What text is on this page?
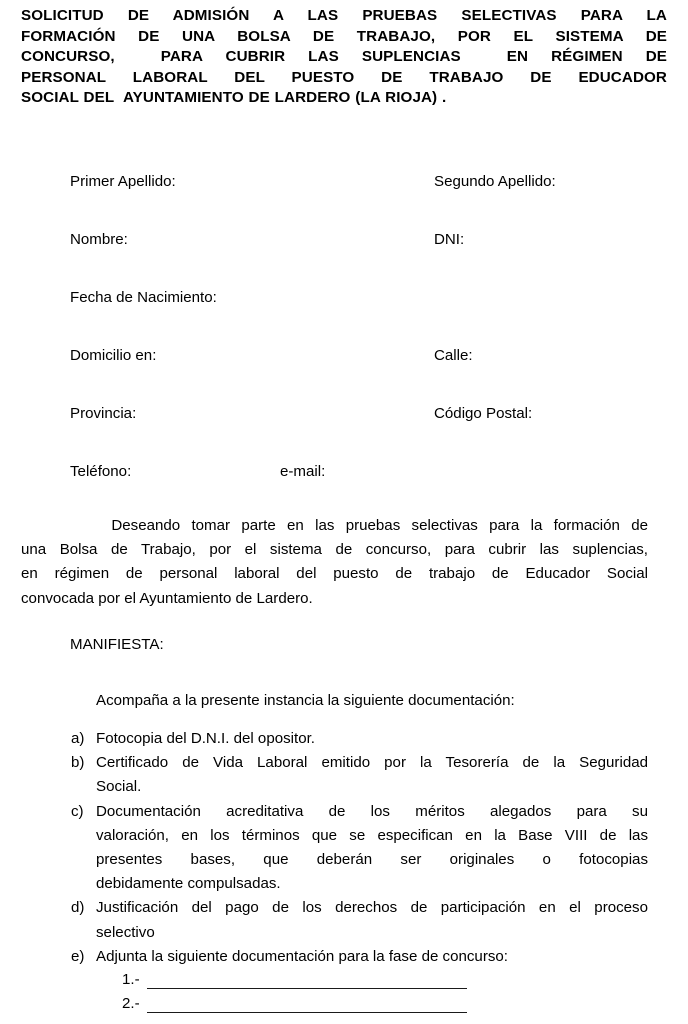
SOLICITUD DE ADMISIÓN A LAS PRUEBAS SELECTIVAS PARA LA
FORMACIÓN DE UNA BOLSA DE TRABAJO, POR EL SISTEMA DE
CONCURSO,  PARA CUBRIR LAS SUPLENCIAS  EN RÉGIMEN DE
PERSONAL LABORAL DEL PUESTO DE TRABAJO DE EDUCADOR
SOCIAL DEL  AYUNTAMIENTO DE LARDERO (LA RIOJA) .
Primer Apellido:	Segundo Apellido:
Nombre:	DNI:
Fecha de Nacimiento:
Domicilio en:	Calle:
Provincia:	Código Postal:
Teléfono:	e-mail:
Deseando tomar parte en las pruebas selectivas para la formación de
una Bolsa de Trabajo, por el sistema de concurso, para cubrir las suplencias,
en régimen de personal laboral del puesto de trabajo de Educador Social
convocada por el Ayuntamiento de Lardero.
MANIFIESTA:
Acompaña a la presente instancia la siguiente documentación:
a) Fotocopia del D.N.I. del opositor.
b) Certificado de Vida Laboral emitido por la Tesorería de la Seguridad
Social.
c) Documentación acreditativa de los méritos alegados para su
valoración, en los términos que se especifican en la Base VIII de las
presentes bases, que deberán ser originales o fotocopias
debidamente compulsadas.
d) Justificación del pago de los derechos de participación en el proceso
selectivo
e) Adjunta la siguiente documentación para la fase de concurso:
1.-
2.-
